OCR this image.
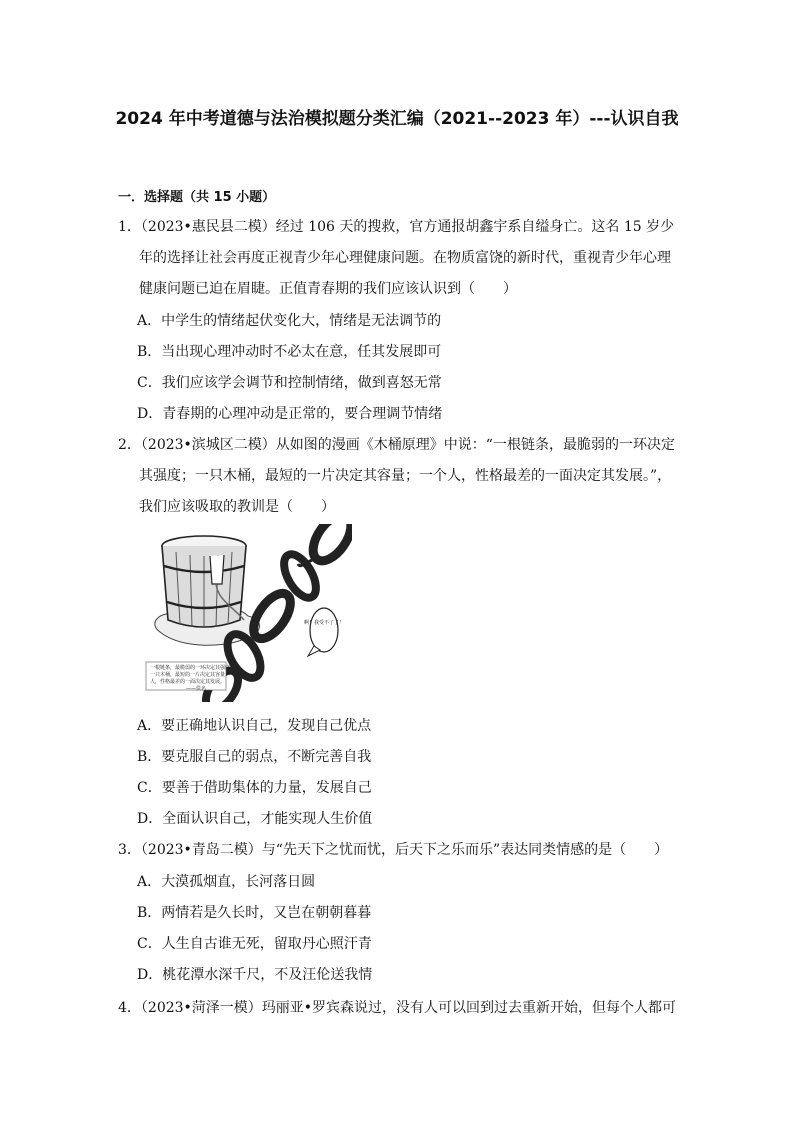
2024 年中考道德与法治模拟题分类汇编（2021--2023 年）---认识自我
一．选择题（共 15 小题）
1．（2023•惠民县二模）经过 106 天的搜救，官方通报胡鑫宇系自缢身亡。这名 15 岁少年的选择让社会再度正视青少年心理健康问题。在物质富饶的新时代，重视青少年心理健康问题已迫在眉睫。正值青春期的我们应该认识到（　　）
A．中学生的情绪起伏变化大，情绪是无法调节的
B．当出现心理冲动时不必太在意，任其发展即可
C．我们应该学会调节和控制情绪，做到喜怒无常
D．青春期的心理冲动是正常的，要合理调节情绪
2．（2023•滨城区二模）从如图的漫画《木桶原理》中说：“一根链条，最脆弱的一环决定其强度；一只木桶，最短的一片决定其容量；一个人，性格最差的一面决定其发展。”，我们应该吸取的教训是（　　）
啊！我受不了了！
一根链条，最脆弱的一环决定其强度；
一只木桶，最短的一片决定其容量；一个
人，性格最差的一面决定其发展。
——佚名
A．要正确地认识自己，发现自己优点
B．要克服自己的弱点，不断完善自我
C．要善于借助集体的力量，发展自己
D．全面认识自己，才能实现人生价值
3．（2023•青岛二模）与“先天下之忧而忧，后天下之乐而乐”表达同类情感的是（　　）
A．大漠孤烟直，长河落日圆
B．两情若是久长时，又岂在朝朝暮暮
C．人生自古谁无死，留取丹心照汗青
D．桃花潭水深千尺，不及汪伦送我情
4．（2023•菏泽一模）玛丽亚•罗宾森说过，没有人可以回到过去重新开始，但每个人都可
